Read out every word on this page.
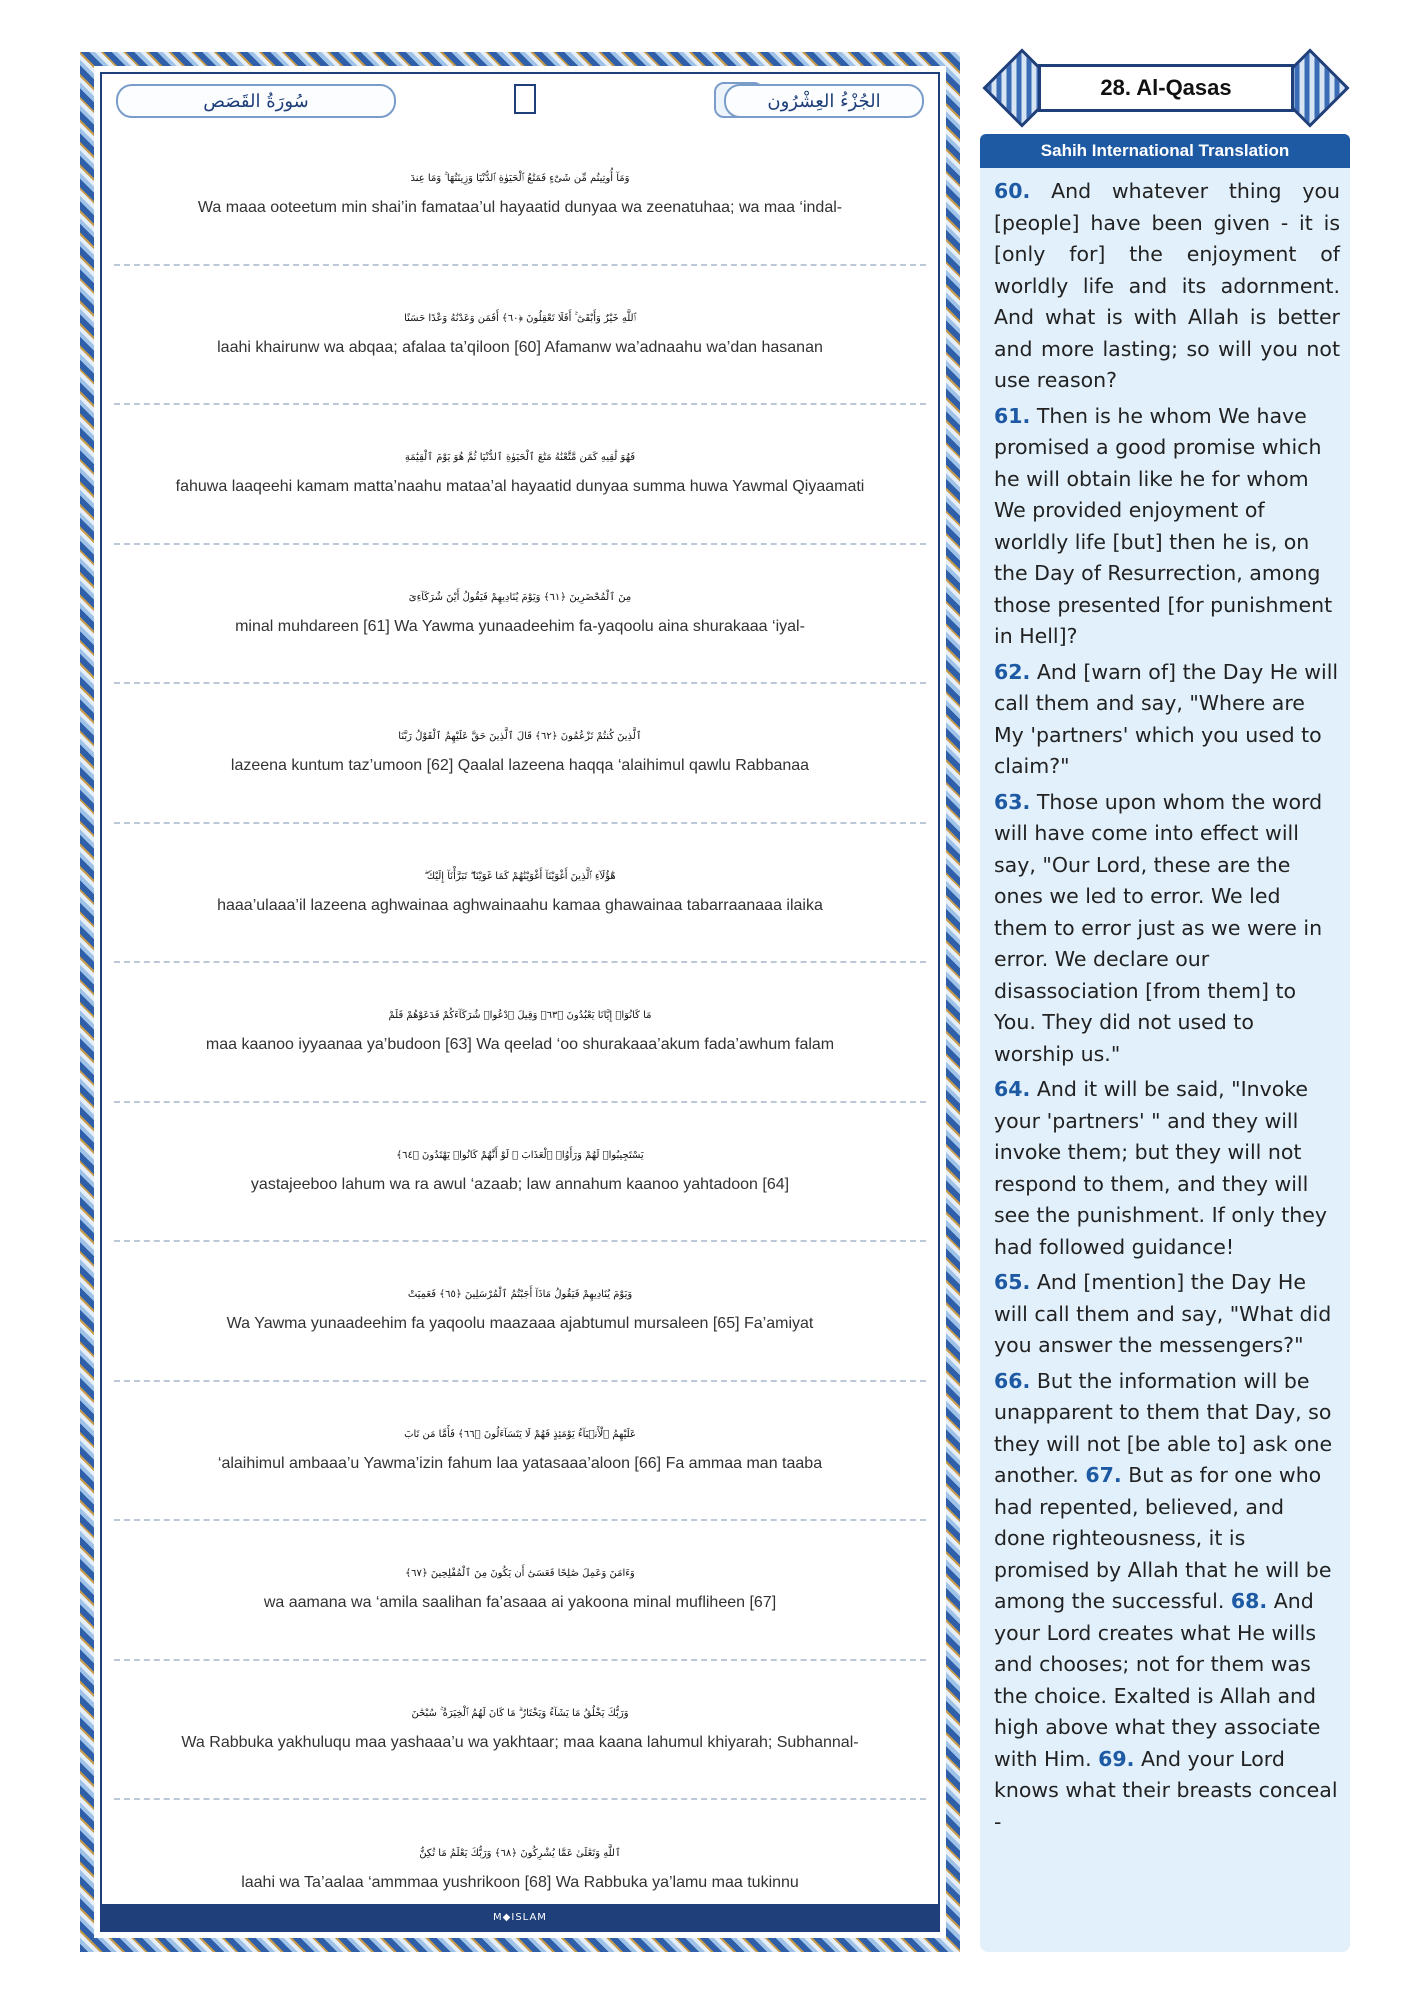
سُورَةُ القَصَص	الجُزْءُ العِشْرُون
وَمَآ أُوتِيتُم مِّن شَىْءٍ فَمَتَٰعُ ٱلْحَيَوٰةِ ٱلدُّنْيَا وَزِينَتُهَا ۚ وَمَا عِندَ
Wa maaa ooteetum min shai’in famataa’ul hayaatid dunyaa wa zeenatuhaa; wa maa ‘indal-
ٱللَّهِ خَيْرٌ وَأَبْقَىٰٓ ۚ أَفَلَا تَعْقِلُونَ ﴿٦٠﴾ أَفَمَن وَعَدْنَٰهُ وَعْدًا حَسَنًا
laahi khairunw wa abqaa; afalaa ta’qiloon [60] Afamanw wa’adnaahu wa’dan hasanan
فَهُوَ لَٰقِيهِ كَمَن مَّتَّعْنَٰهُ مَتَٰعَ ٱلْحَيَوٰةِ ٱلدُّنْيَا ثُمَّ هُوَ يَوْمَ ٱلْقِيَٰمَةِ
fahuwa laaqeehi kamam matta’naahu mataa’al hayaatid dunyaa summa huwa Yawmal Qiyaamati
مِنَ ٱلْمُحْضَرِينَ ﴿٦١﴾ وَيَوْمَ يُنَادِيهِمْ فَيَقُولُ أَيْنَ شُرَكَآءِىَ
minal muhdareen [61] Wa Yawma yunaadeehim fa-yaqoolu aina shurakaaa ‘iyal-
ٱلَّذِينَ كُنتُمْ تَزْعُمُونَ ﴿٦٢﴾ قَالَ ٱلَّذِينَ حَقَّ عَلَيْهِمُ ٱلْقَوْلُ رَبَّنَا
lazeena kuntum taz’umoon [62] Qaalal lazeena haqqa ‘alaihimul qawlu Rabbanaa
هَٰٓؤُلَآءِ ٱلَّذِينَ أَغْوَيْنَآ أَغْوَيْنَٰهُمْ كَمَا غَوَيْنَا ۖ تَبَرَّأْنَآ إِلَيْكَ ۖ
haaa’ulaaa’il lazeena aghwainaa aghwainaahu kamaa ghawainaa tabarraanaaa ilaika
مَا كَانُوٓا۟ إِيَّانَا يَعْبُدُونَ ﴿٦٣﴾ وَقِيلَ ٱدْعُوا۟ شُرَكَآءَكُمْ فَدَعَوْهُمْ فَلَمْ
maa kaanoo iyyaanaa ya’budoon [63] Wa qeelad ‘oo shurakaaa’akum fada’awhum falam
يَسْتَجِيبُوا۟ لَهُمْ وَرَأَوُا۟ ٱلْعَذَابَ ۚ لَوْ أَنَّهُمْ كَانُوا۟ يَهْتَدُونَ ﴿٦٤﴾
yastajeeboo lahum wa ra awul ‘azaab; law annahum kaanoo yahtadoon [64]
وَيَوْمَ يُنَادِيهِمْ فَيَقُولُ مَاذَآ أَجَبْتُمُ ٱلْمُرْسَلِينَ ﴿٦٥﴾ فَعَمِيَتْ
Wa Yawma yunaadeehim fa yaqoolu maazaaa ajabtumul mursaleen [65] Fa’amiyat
عَلَيْهِمُ ٱلْأَنۢبَآءُ يَوْمَئِذٍ فَهُمْ لَا يَتَسَآءَلُونَ ﴿٦٦﴾ فَأَمَّا مَن تَابَ
‘alaihimul ambaaa’u Yawma’izin fahum laa yatasaaa’aloon [66] Fa ammaa man taaba
وَءَامَنَ وَعَمِلَ صَٰلِحًا فَعَسَىٰٓ أَن يَكُونَ مِنَ ٱلْمُفْلِحِينَ ﴿٦٧﴾
wa aamana wa ‘amila saalihan fa’asaaa ai yakoona minal mufliheen [67]
وَرَبُّكَ يَخْلُقُ مَا يَشَآءُ وَيَخْتَارُ ۗ مَا كَانَ لَهُمُ ٱلْخِيَرَةُ ۚ سُبْحَٰنَ
Wa Rabbuka yakhuluqu maa yashaaa’u wa yakhtaar; maa kaana lahumul khiyarah; Subhannal-
ٱللَّهِ وَتَعَٰلَىٰ عَمَّا يُشْرِكُونَ ﴿٦٨﴾ وَرَبُّكَ يَعْلَمُ مَا تُكِنُّ
laahi wa Ta’aalaa ‘ammmaa yushrikoon [68] Wa Rabbuka ya’lamu maa tukinnu
M◆ISLAM
28. Al-Qasas
Sahih International Translation

60. And whatever thing you [people] have been given - it is [only for] the enjoyment of worldly life and its adornment. And what is with Allah is better and more lasting; so will you not use reason?

61. Then is he whom We have promised a good promise which he will obtain like he for whom We provided enjoyment of worldly life [but] then he is, on the Day of Resurrection, among those presented [for punishment in Hell]?

62. And [warn of] the Day He will call them and say, "Where are My 'partners' which you used to claim?"

63. Those upon whom the word will have come into effect will say, "Our Lord, these are the ones we led to error. We led them to error just as we were in error. We declare our disassociation [from them] to You. They did not used to worship us."

64. And it will be said, "Invoke your 'partners' " and they will invoke them; but they will not respond to them, and they will see the punishment. If only they had followed guidance!

65. And [mention] the Day He will call them and say, "What did you answer the messengers?"

66. But the information will be unapparent to them that Day, so they will not [be able to] ask one another. 67. But as for one who had repented, believed, and done righteousness, it is promised by Allah that he will be among the successful. 68. And your Lord creates what He wills and chooses; not for them was the choice. Exalted is Allah and high above what they associate with Him. 69. And your Lord knows what their breasts conceal -
